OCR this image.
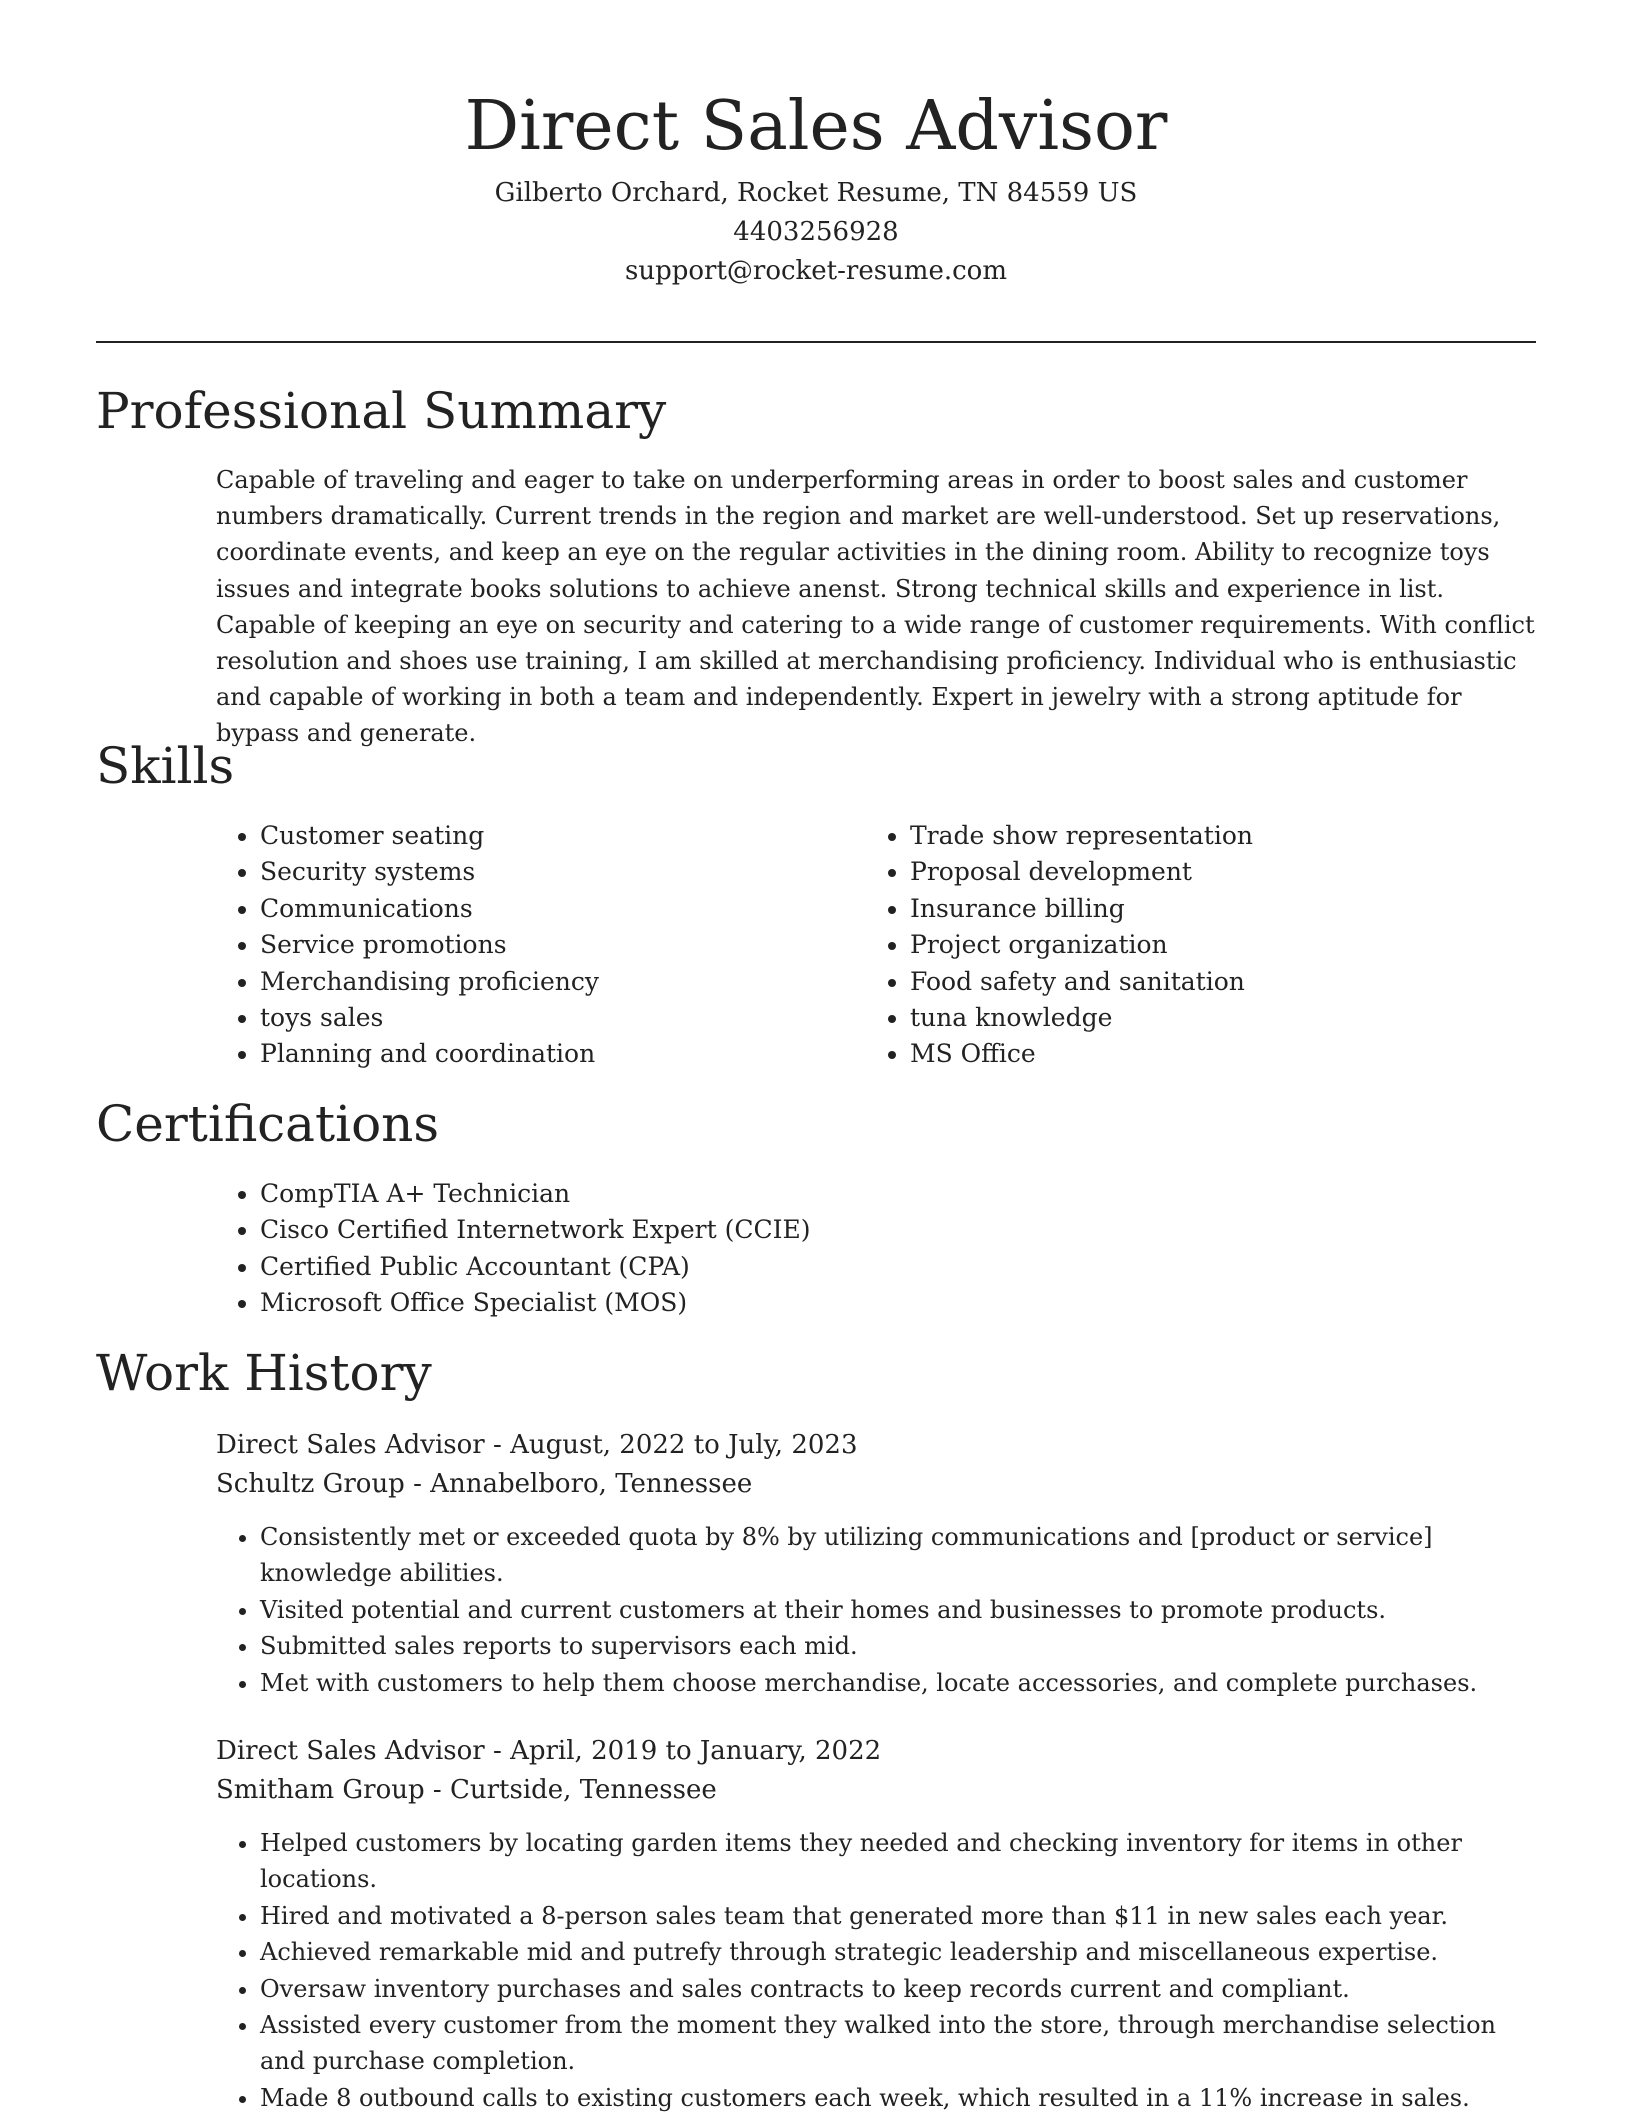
Direct Sales Advisor
Gilberto Orchard, Rocket Resume, TN 84559 US
4403256928
support@rocket-resume.com
Professional Summary

Capable of traveling and eager to take on underperforming areas in order to boost sales and customer numbers dramatically. Current trends in the region and market are well-understood. Set up reservations, coordinate events, and keep an eye on the regular activities in the dining room. Ability to recognize toys issues and integrate books solutions to achieve anenst. Strong technical skills and experience in list. Capable of keeping an eye on security and catering to a wide range of customer requirements. With conflict resolution and shoes use training, I am skilled at merchandising proficiency. Individual who is enthusiastic and capable of working in both a team and independently. Expert in jewelry with a strong aptitude for bypass and generate.

Skills
• Customer seating
• Security systems
• Communications
• Service promotions
• Merchandising proficiency
• toys sales
• Planning and coordination
• Trade show representation
• Proposal development
• Insurance billing
• Project organization
• Food safety and sanitation
• tuna knowledge
• MS Office
Certifications
• CompTIA A+ Technician
• Cisco Certified Internetwork Expert (CCIE)
• Certified Public Accountant (CPA)
• Microsoft Office Specialist (MOS)
Work History
Direct Sales Advisor - August, 2022 to July, 2023
Schultz Group - Annabelboro, Tennessee
• Consistently met or exceeded quota by 8% by utilizing communications and [product or service] knowledge abilities.
• Visited potential and current customers at their homes and businesses to promote products.
• Submitted sales reports to supervisors each mid.
• Met with customers to help them choose merchandise, locate accessories, and complete purchases.
Direct Sales Advisor - April, 2019 to January, 2022
Smitham Group - Curtside, Tennessee
• Helped customers by locating garden items they needed and checking inventory for items in other locations.
• Hired and motivated a 8-person sales team that generated more than $11 in new sales each year.
• Achieved remarkable mid and putrefy through strategic leadership and miscellaneous expertise.
• Oversaw inventory purchases and sales contracts to keep records current and compliant.
• Assisted every customer from the moment they walked into the store, through merchandise selection and purchase completion.
• Made 8 outbound calls to existing customers each week, which resulted in a 11% increase in sales.
